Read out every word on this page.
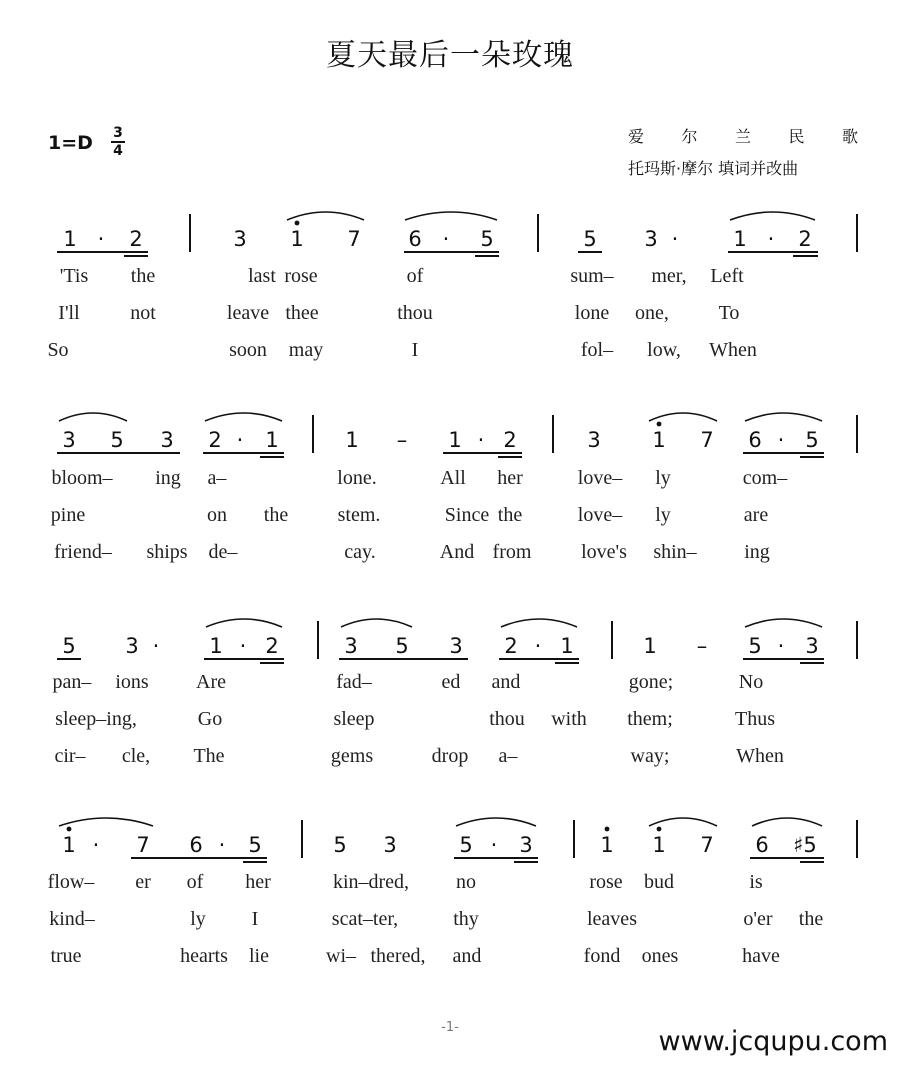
夏天最后一朵玫瑰
1=D 3
4
爱 尔 兰 民 歌
托玛斯·摩尔 填词并改曲
1 · 2	3 1 7 6 · 5	5 3 ·	1 · 2
'Tis the	last rose	of	sum– mer, Left
I'll	not	leave thee	thou	lone one, To
So	soon may	I	fol– low, When
3 5 3 2 · 1	1 – 1 · 2	3 1 7 6 · 5
bloom– ing a–	lone.	All her	love– ly	com–
pine	on the stem.	Since the	love– ly	are
friend– ships de–	cay.	And from love's shin– ing
5 3 · 1 · 2	3 5 3 2 · 1	1 – 5 · 3
pan– ions Are	fad–	ed and	gone;	No
sleep–ing,	Go	sleep	thou with them;	Thus
cir– cle, The	gems	drop a–	way;	When
1 · 7 6 · 5	5 3	5 · 3	1 1 7 6 ♯5
flow– er of her	kin–dred, no	rose bud	is
kind–	ly I	scat–ter,	thy	leaves	o'er the
true	hearts lie	wi– thered, and	fond ones	have
-1-	www.jcqupu.com
